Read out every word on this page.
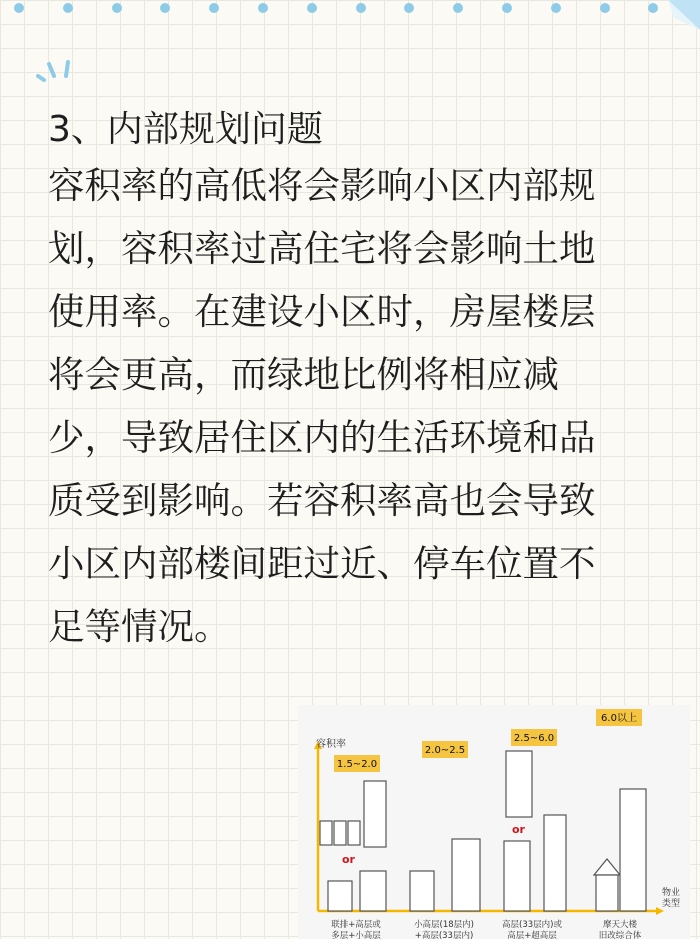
3、内部规划问题

容积率的高低将会影响小区内部规

划，容积率过高住宅将会影响土地

使用率。在建设小区时，房屋楼层

将会更高，而绿地比例将相应减

少，导致居住区内的生活环境和品

质受到影响。若容积率高也会导致

小区内部楼间距过近、停车位置不

足等情况。

容积率
物业
类型
1.5~2.0
2.0~2.5
2.5~6.0
6.0以上
or
or
联排+高层或
多层+小高层
小高层(18层内)
+高层(33层内)
高层(33层内)或
高层+超高层
摩天大楼
旧改综合体
